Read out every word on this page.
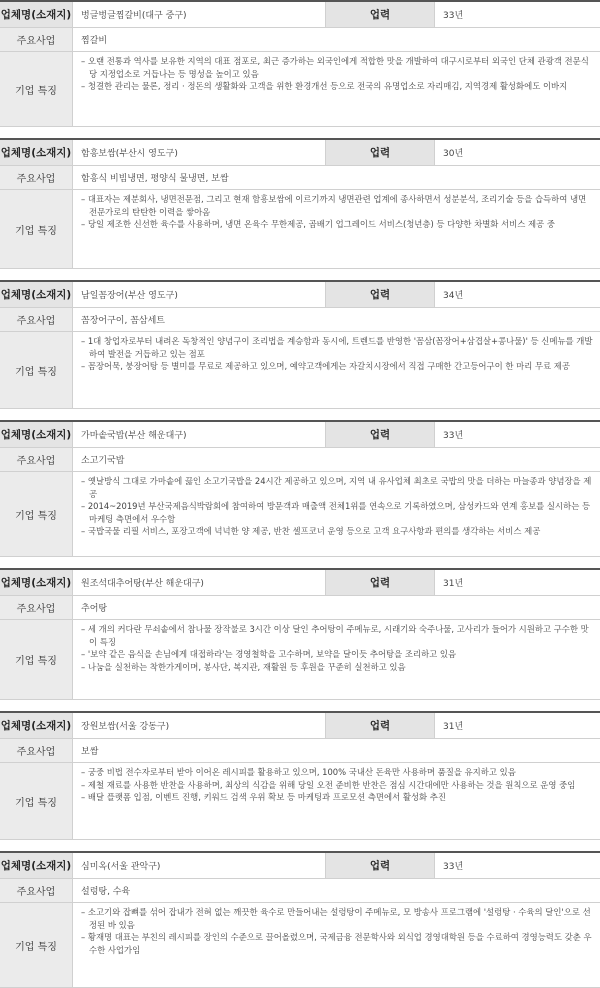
업체명(소재지)	벙글벙글찜갈비(대구 중구)	업력	33년
주요사업	찜갈비
기업 특징
– 오랜 전통과 역사를 보유한 지역의 대표 점포로, 최근 증가하는 외국인에게 적합한 맛을 개발하여 대구시로부터 외국인 단체 관광객 전문식당 지정업소로 거듭나는 등 명성을 높이고 있음
– 청결한 관리는 물론, 정리 · 정돈의 생활화와 고객을 위한 환경개선 등으로 전국의 유명업소로 자리매김, 지역경제 활성화에도 이바지
업체명(소재지)	함흥보쌈(부산시 영도구)	업력	30년
주요사업	함흥식 비빔냉면, 평양식 물냉면, 보쌈
기업 특징
– 대표자는 제분회사, 냉면전문점, 그리고 현재 함흥보쌈에 이르기까지 냉면관련 업계에 종사하면서 성분분석, 조리기술 등을 습득하여 냉면전문가로의 탄탄한 이력을 쌓아옴
– 당일 제조한 신선한 육수를 사용하며, 냉면 온육수 무한제공, 곱배기 업그레이드 서비스(청년층) 등 다양한 차별화 서비스 제공 중
업체명(소재지)	남일꼼장어(부산 영도구)	업력	34년
주요사업	꼼장어구이, 꼼삼세트
기업 특징
– 1대 창업자로부터 내려온 독창적인 양념구이 조리법을 계승함과 동시에, 트렌드를 반영한 '꼼삼(꼼장어+삼겹살+콩나물)' 등 신메뉴를 개발하여 발전을 거듭하고 있는 점포
– 꼼장어묵, 붕장어탕 등 별미를 무료로 제공하고 있으며, 예약고객에게는 자갈치시장에서 직접 구매한 간고등어구이 한 마리 무료 제공
업체명(소재지)	가마솥국밥(부산 해운대구)	업력	33년
주요사업	소고기국밥
기업 특징
– 옛날방식 그대로 가마솥에 끓인 소고기국밥을 24시간 제공하고 있으며, 지역 내 유사업체 최초로 국밥의 맛을 더하는 마늘종과 양념장을 제공
– 2014~2019년 부산국제음식박람회에 참여하여 방문객과 매출액 전체1위를 연속으로 기록하였으며, 삼성카드와 연계 홍보를 실시하는 등 마케팅 측면에서 우수함
– 국밥국물 리필 서비스, 포장고객에 넉넉한 양 제공, 반찬 셀프코너 운영 등으로 고객 요구사항과 편의를 생각하는 서비스 제공
업체명(소재지)	원조석대추어탕(부산 해운대구)	업력	31년
주요사업	추어탕
기업 특징
– 세 개의 커다란 무쇠솥에서 참나물 장작불로 3시간 이상 달인 추어탕이 주메뉴로, 시래기와 숙주나물, 고사리가 들어가 시원하고 구수한 맛이 특징
– '보약 같은 음식을 손님에게 대접하라'는 경영철학을 고수하며, 보약을 달이듯 추어탕을 조리하고 있음
– 나눔을 실천하는 착한가게이며, 봉사단, 복지관, 재활원 등 후원을 꾸준히 실천하고 있음
업체명(소재지)	장원보쌈(서울 강동구)	업력	31년
주요사업	보쌈
기업 특징
– 궁중 비법 전수자로부터 받아 이어온 레시피를 활용하고 있으며, 100% 국내산 돈육만 사용하며 품질을 유지하고 있음
– 제철 재료를 사용한 반찬을 사용하며, 최상의 식감을 위해 당일 오전 준비한 반찬은 점심 시간대에만 사용하는 것을 원칙으로 운영 중임
– 배달 플랫폼 입점, 이벤트 진행, 키워드 검색 우위 확보 등 마케팅과 프로모션 측면에서 활성화 추진
업체명(소재지)	심미옥(서울 관악구)	업력	33년
주요사업	설렁탕, 수육
기업 특징
– 소고기와 잡뼈를 섞어 잡내가 전혀 없는 깨끗한 육수로 만들어내는 설렁탕이 주메뉴로, 모 방송사 프로그램에 '설렁탕 · 수육의 달인'으로 선정된 바 있음
– 황재명 대표는 부친의 레시피를 장인의 수준으로 끌어올렸으며, 국제금융 전문학사와 외식업 경영대학원 등을 수료하여 경영능력도 갖춘 우수한 사업가임
